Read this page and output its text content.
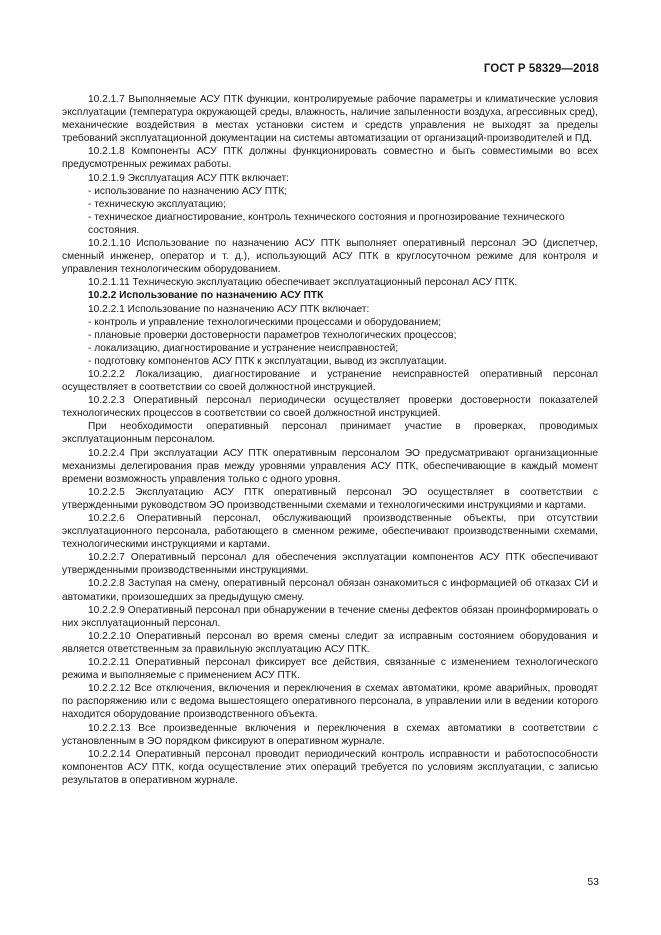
ГОСТ Р 58329—2018

10.2.1.7 Выполняемые АСУ ПТК функции, контролируемые рабочие параметры и климатические условия эксплуатации (температура окружающей среды, влажность, наличие запыленности воздуха, агрессивных сред), механические воздействия в местах установки систем и средств управления не выходят за пределы требований эксплуатационной документации на системы автоматизации от организаций-производителей и ПД.

10.2.1.8 Компоненты АСУ ПТК должны функционировать совместно и быть совместимыми во всех предусмотренных режимах работы.

10.2.1.9 Эксплуатация АСУ ПТК включает:

- использование по назначению АСУ ПТК;

- техническую эксплуатацию;

- техническое диагностирование, контроль технического состояния и прогнозирование технического состояния.

10.2.1.10 Использование по назначению АСУ ПТК выполняет оперативный персонал ЭО (диспетчер, сменный инженер, оператор и т. д.), использующий АСУ ПТК в круглосуточном режиме для контроля и управления технологическим оборудованием.

10.2.1.11 Техническую эксплуатацию обеспечивает эксплуатационный персонал АСУ ПТК.

10.2.2 Использование по назначению АСУ ПТК

10.2.2.1 Использование по назначению АСУ ПТК включает:

- контроль и управление технологическими процессами и оборудованием;

- плановые проверки достоверности параметров технологических процессов;

- локализацию, диагностирование и устранение неисправностей;

- подготовку компонентов АСУ ПТК к эксплуатации, вывод из эксплуатации.

10.2.2.2 Локализацию, диагностирование и устранение неисправностей оперативный персонал осуществляет в соответствии со своей должностной инструкцией.

10.2.2.3 Оперативный персонал периодически осуществляет проверки достоверности показателей технологических процессов в соответствии со своей должностной инструкцией.

При необходимости оперативный персонал принимает участие в проверках, проводимых эксплуатационным персоналом.

10.2.2.4 При эксплуатации АСУ ПТК оперативным персоналом ЭО предусматривают организационные механизмы делегирования прав между уровнями управления АСУ ПТК, обеспечивающие в каждый момент времени возможность управления только с одного уровня.

10.2.2.5 Эксплуатацию АСУ ПТК оперативный персонал ЭО осуществляет в соответствии с утвержденными руководством ЭО производственными схемами и технологическими инструкциями и картами.

10.2.2.6 Оперативный персонал, обслуживающий производственные объекты, при отсутствии эксплуатационного персонала, работающего в сменном режиме, обеспечивают производственными схемами, технологическими инструкциями и картами.

10.2.2.7 Оперативный персонал для обеспечения эксплуатации компонентов АСУ ПТК обеспечивают утвержденными производственными инструкциями.

10.2.2.8 Заступая на смену, оперативный персонал обязан ознакомиться с информацией об отказах СИ и автоматики, произошедших за предыдущую смену.

10.2.2.9 Оперативный персонал при обнаружении в течение смены дефектов обязан проинформировать о них эксплуатационный персонал.

10.2.2.10 Оперативный персонал во время смены следит за исправным состоянием оборудования и является ответственным за правильную эксплуатацию АСУ ПТК.

10.2.2.11 Оперативный персонал фиксирует все действия, связанные с изменением технологического режима и выполняемые с применением АСУ ПТК.

10.2.2.12 Все отключения, включения и переключения в схемах автоматики, кроме аварийных, проводят по распоряжению или с ведома вышестоящего оперативного персонала, в управлении или в ведении которого находится оборудование производственного объекта.

10.2.2.13 Все произведенные включения и переключения в схемах автоматики в соответствии с установленным в ЭО порядком фиксируют в оперативном журнале.

10.2.2.14 Оперативный персонал проводит периодический контроль исправности и работоспособности компонентов АСУ ПТК, когда осуществление этих операций требуется по условиям эксплуатации, с записью результатов в оперативном журнале.

53
